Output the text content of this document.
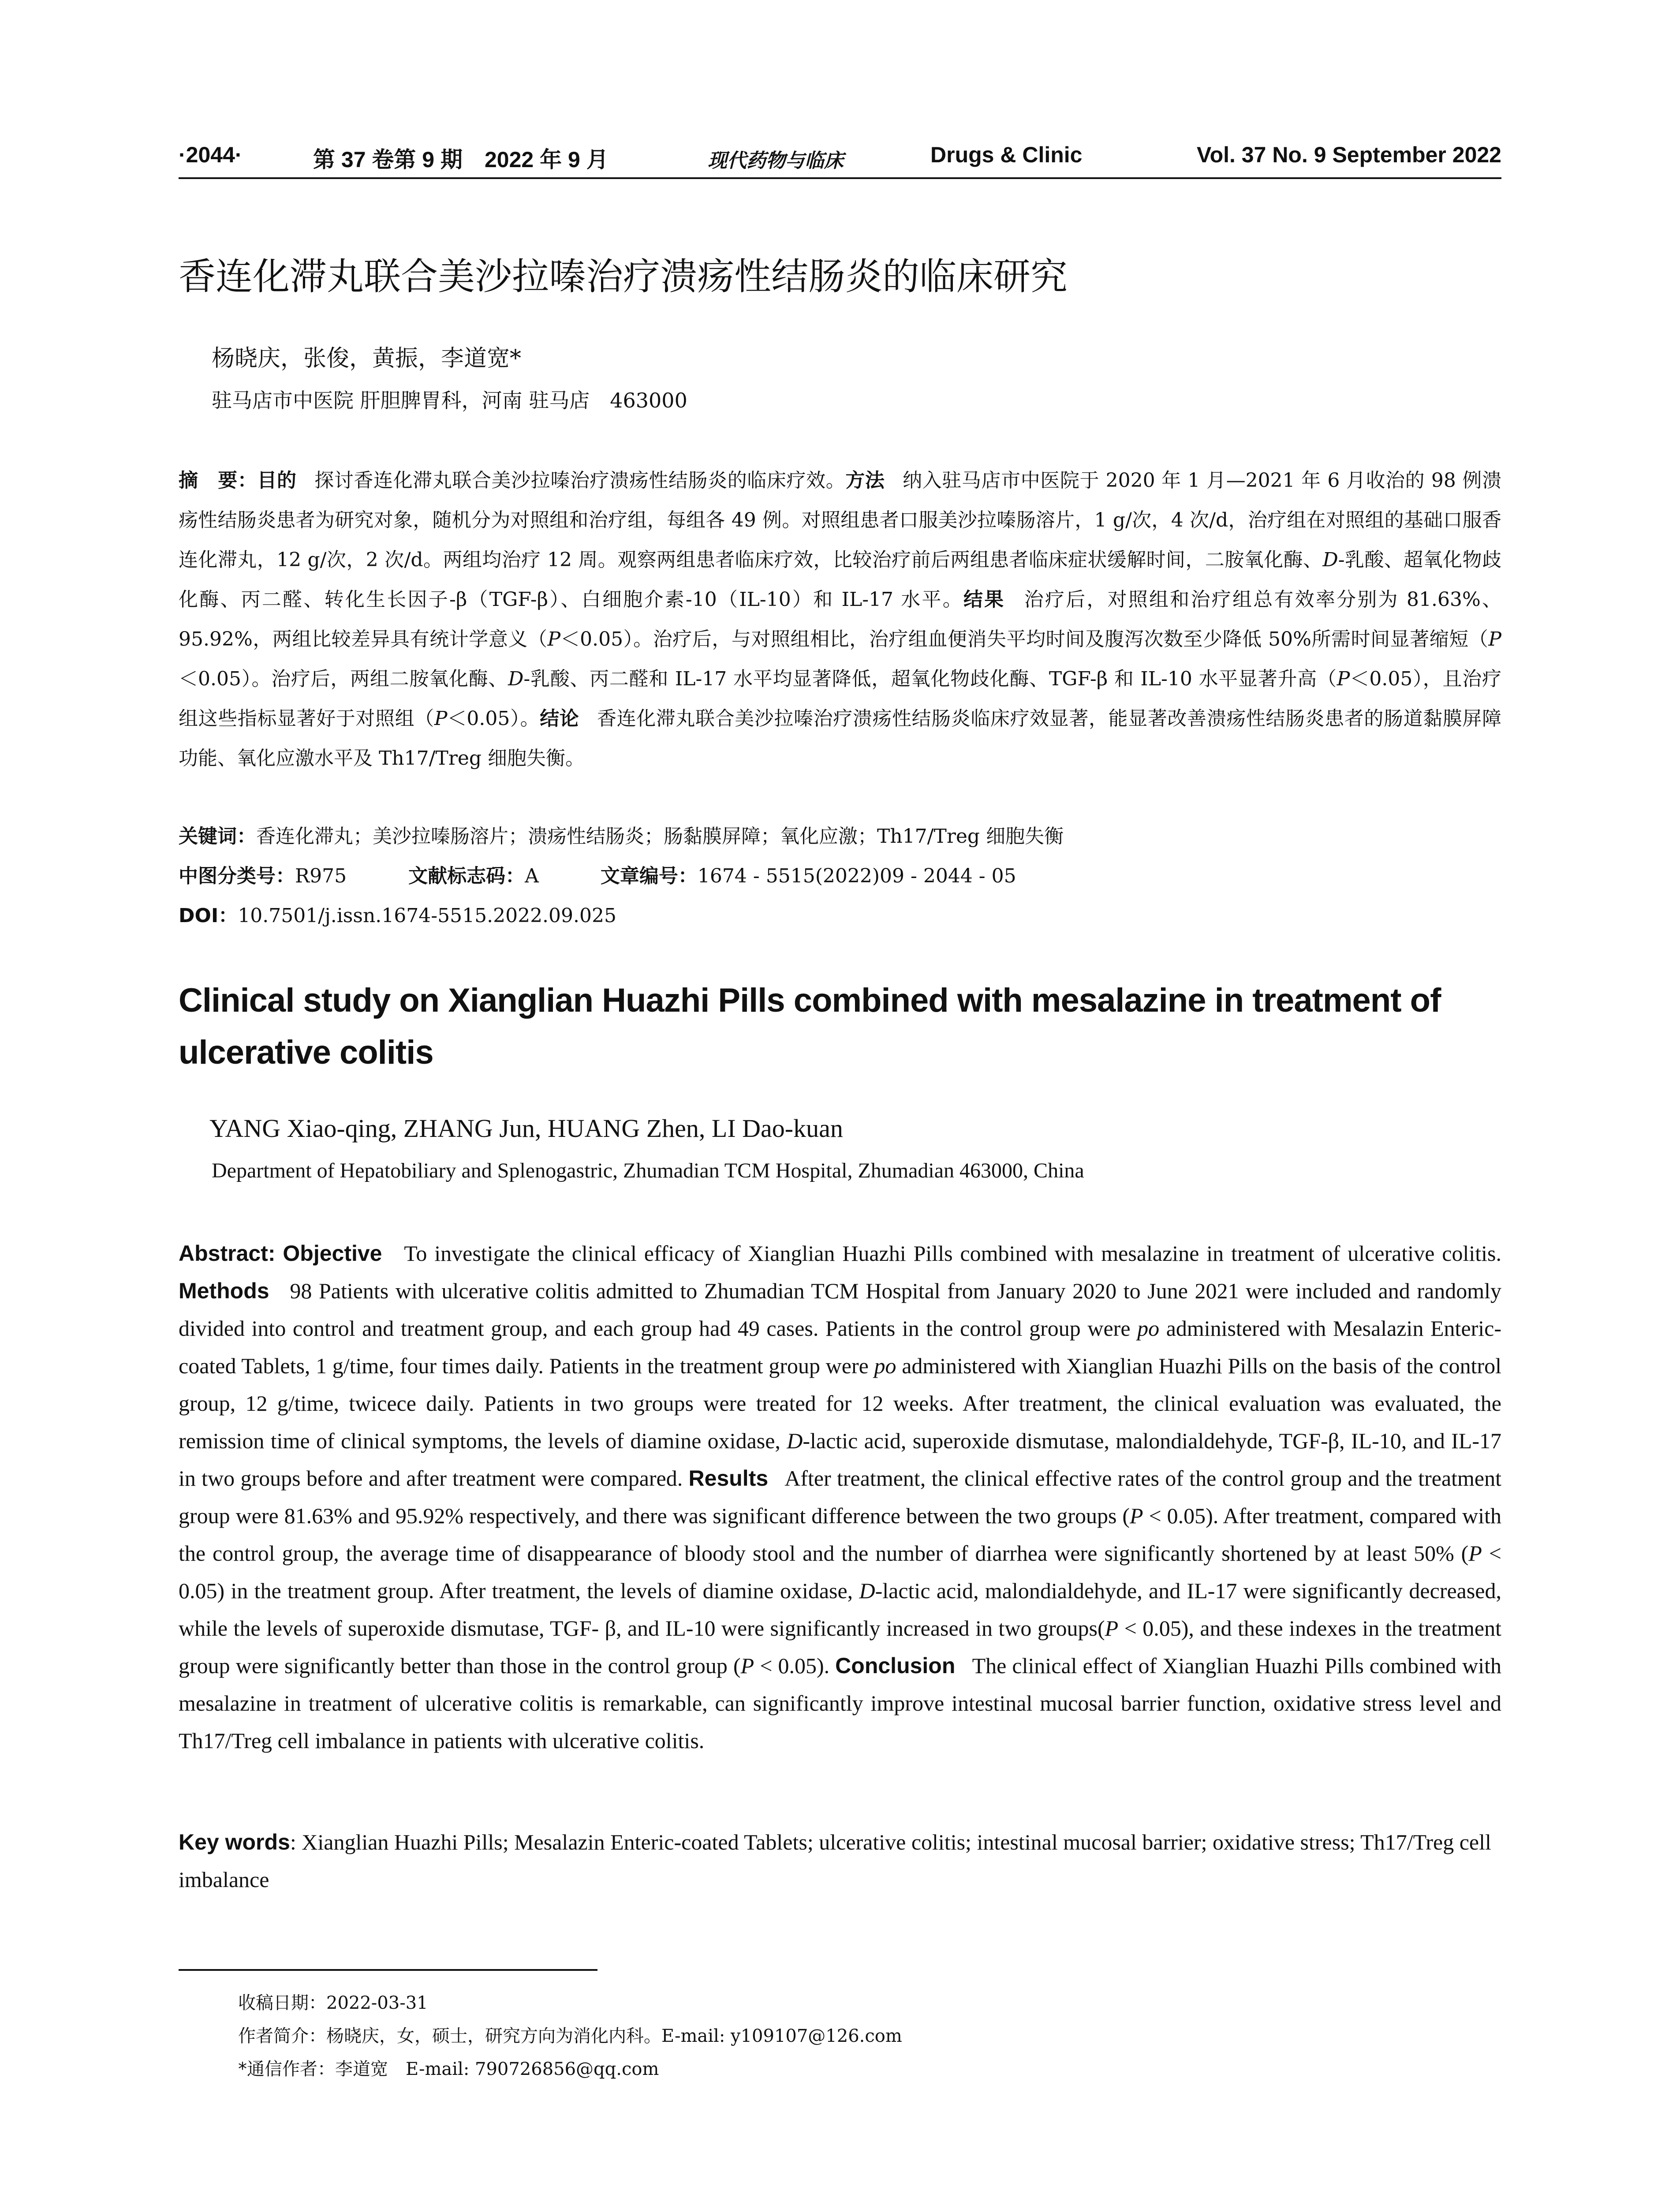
·2044·	第 37 卷第 9 期　2022 年 9 月	现代药物与临床	Drugs & Clinic	Vol. 37 No. 9 September 2022
香连化滞丸联合美沙拉嗪治疗溃疡性结肠炎的临床研究
杨晓庆，张俊，黄振，李道宽*
驻马店市中医院 肝胆脾胃科，河南 驻马店　463000

摘　要：目的 探讨香连化滞丸联合美沙拉嗪治疗溃疡性结肠炎的临床疗效。方法 纳入驻马店市中医院于 2020 年 1 月—2021 年 6 月收治的 98 例溃疡性结肠炎患者为研究对象，随机分为对照组和治疗组，每组各 49 例。对照组患者口服美沙拉嗪肠溶片，1 g/次，4 次/d，治疗组在对照组的基础口服香连化滞丸，12 g/次，2 次/d。两组均治疗 12 周。观察两组患者临床疗效，比较治疗前后两组患者临床症状缓解时间，二胺氧化酶、D-乳酸、超氧化物歧化酶、丙二醛、转化生长因子-β（TGF-β）、白细胞介素-10（IL-10）和 IL-17 水平。结果 治疗后，对照组和治疗组总有效率分别为 81.63%、95.92%，两组比较差异具有统计学意义（P＜0.05）。治疗后，与对照组相比，治疗组血便消失平均时间及腹泻次数至少降低 50%所需时间显著缩短（P＜0.05）。治疗后，两组二胺氧化酶、D-乳酸、丙二醛和 IL-17 水平均显著降低，超氧化物歧化酶、TGF-β 和 IL-10 水平显著升高（P＜0.05），且治疗组这些指标显著好于对照组（P＜0.05）。结论 香连化滞丸联合美沙拉嗪治疗溃疡性结肠炎临床疗效显著，能显著改善溃疡性结肠炎患者的肠道黏膜屏障功能、氧化应激水平及 Th17/Treg 细胞失衡。

关键词：香连化滞丸；美沙拉嗪肠溶片；溃疡性结肠炎；肠黏膜屏障；氧化应激；Th17/Treg 细胞失衡
中图分类号：R975	文献标志码：A	文章编号：1674 - 5515(2022)09 - 2044 - 05
DOI：10.7501/j.issn.1674-5515.2022.09.025
Clinical study on Xianglian Huazhi Pills combined with mesalazine in treatment of ulcerative colitis
YANG Xiao-qing, ZHANG Jun, HUANG Zhen, LI Dao-kuan
Department of Hepatobiliary and Splenogastric, Zhumadian TCM Hospital, Zhumadian 463000, China

Abstract: Objective To investigate the clinical efficacy of Xianglian Huazhi Pills combined with mesalazine in treatment of ulcerative colitis. Methods 98 Patients with ulcerative colitis admitted to Zhumadian TCM Hospital from January 2020 to June 2021 were included and randomly divided into control and treatment group, and each group had 49 cases. Patients in the control group were po administered with Mesalazin Enteric-coated Tablets, 1 g/time, four times daily. Patients in the treatment group were po administered with Xianglian Huazhi Pills on the basis of the control group, 12 g/time, twicece daily. Patients in two groups were treated for 12 weeks. After treatment, the clinical evaluation was evaluated, the remission time of clinical symptoms, the levels of diamine oxidase, D-lactic acid, superoxide dismutase, malondialdehyde, TGF-β, IL-10, and IL-17 in two groups before and after treatment were compared. Results After treatment, the clinical effective rates of the control group and the treatment group were 81.63% and 95.92% respectively, and there was significant difference between the two groups (P < 0.05). After treatment, compared with the control group, the average time of disappearance of bloody stool and the number of diarrhea were significantly shortened by at least 50% (P < 0.05) in the treatment group. After treatment, the levels of diamine oxidase, D-lactic acid, malondialdehyde, and IL-17 were significantly decreased, while the levels of superoxide dismutase, TGF- β, and IL-10 were significantly increased in two groups(P < 0.05), and these indexes in the treatment group were significantly better than those in the control group (P < 0.05). Conclusion The clinical effect of Xianglian Huazhi Pills combined with mesalazine in treatment of ulcerative colitis is remarkable, can significantly improve intestinal mucosal barrier function, oxidative stress level and Th17/Treg cell imbalance in patients with ulcerative colitis.

Key words: Xianglian Huazhi Pills; Mesalazin Enteric-coated Tablets; ulcerative colitis; intestinal mucosal barrier; oxidative stress; Th17/Treg cell imbalance

收稿日期：2022-03-31
作者简介：杨晓庆，女，硕士，研究方向为消化内科。E-mail: y109107@126.com
*通信作者：李道宽　E-mail: 790726856@qq.com
